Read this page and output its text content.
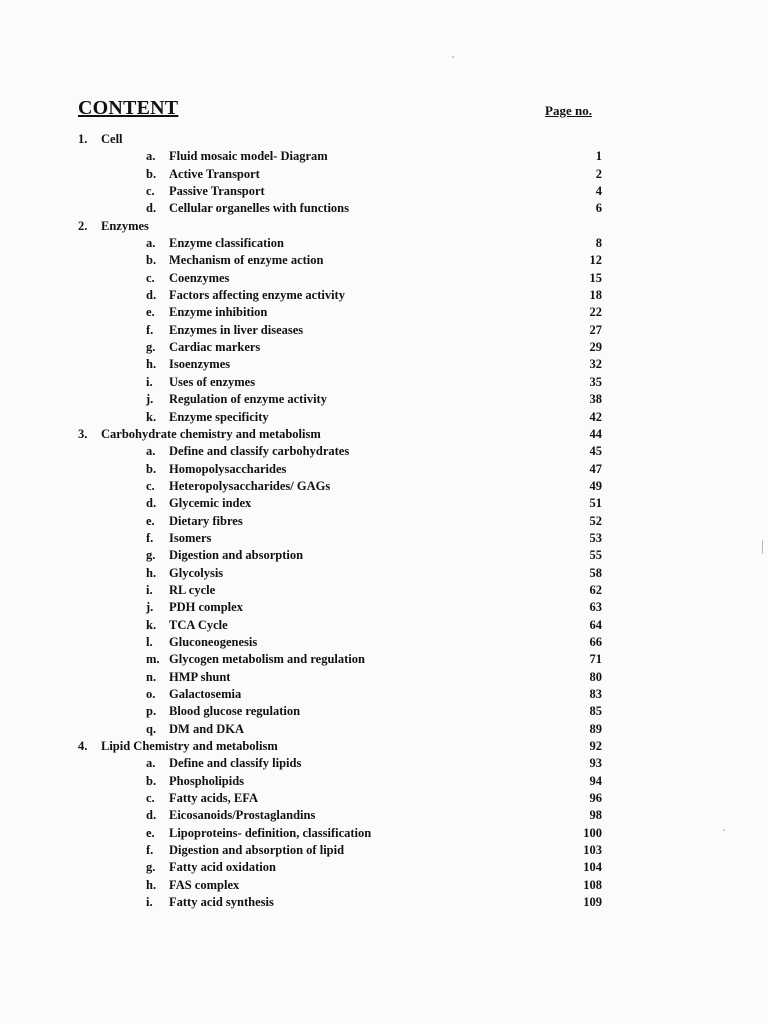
CONTENT	Page no.
1. Cell
a. Fluid mosaic model- Diagram	1
b. Active Transport	2
c. Passive Transport	4
d. Cellular organelles with functions	6
2. Enzymes
a. Enzyme classification	8
b. Mechanism of enzyme action	12
c. Coenzymes	15
d. Factors affecting enzyme activity	18
e. Enzyme inhibition	22
f. Enzymes in liver diseases	27
g. Cardiac markers	29
h. Isoenzymes	32
i. Uses of enzymes	35
j. Regulation of enzyme activity	38
k. Enzyme specificity	42
3. Carbohydrate chemistry and metabolism	44
a. Define and classify carbohydrates	45
b. Homopolysaccharides	47
c. Heteropolysaccharides/ GAGs	49
d. Glycemic index	51
e. Dietary fibres	52
f. Isomers	53
g. Digestion and absorption	55
h. Glycolysis	58
i. RL cycle	62
j. PDH complex	63
k. TCA Cycle	64
l. Gluconeogenesis	66
m. Glycogen metabolism and regulation	71
n. HMP shunt	80
o. Galactosemia	83
p. Blood glucose regulation	85
q. DM and DKA	89
4. Lipid Chemistry and metabolism	92
a. Define and classify lipids	93
b. Phospholipids	94
c. Fatty acids, EFA	96
d. Eicosanoids/Prostaglandins	98
e. Lipoproteins- definition, classification	100
f. Digestion and absorption of lipid	103
g. Fatty acid oxidation	104
h. FAS complex	108
i. Fatty acid synthesis	109
